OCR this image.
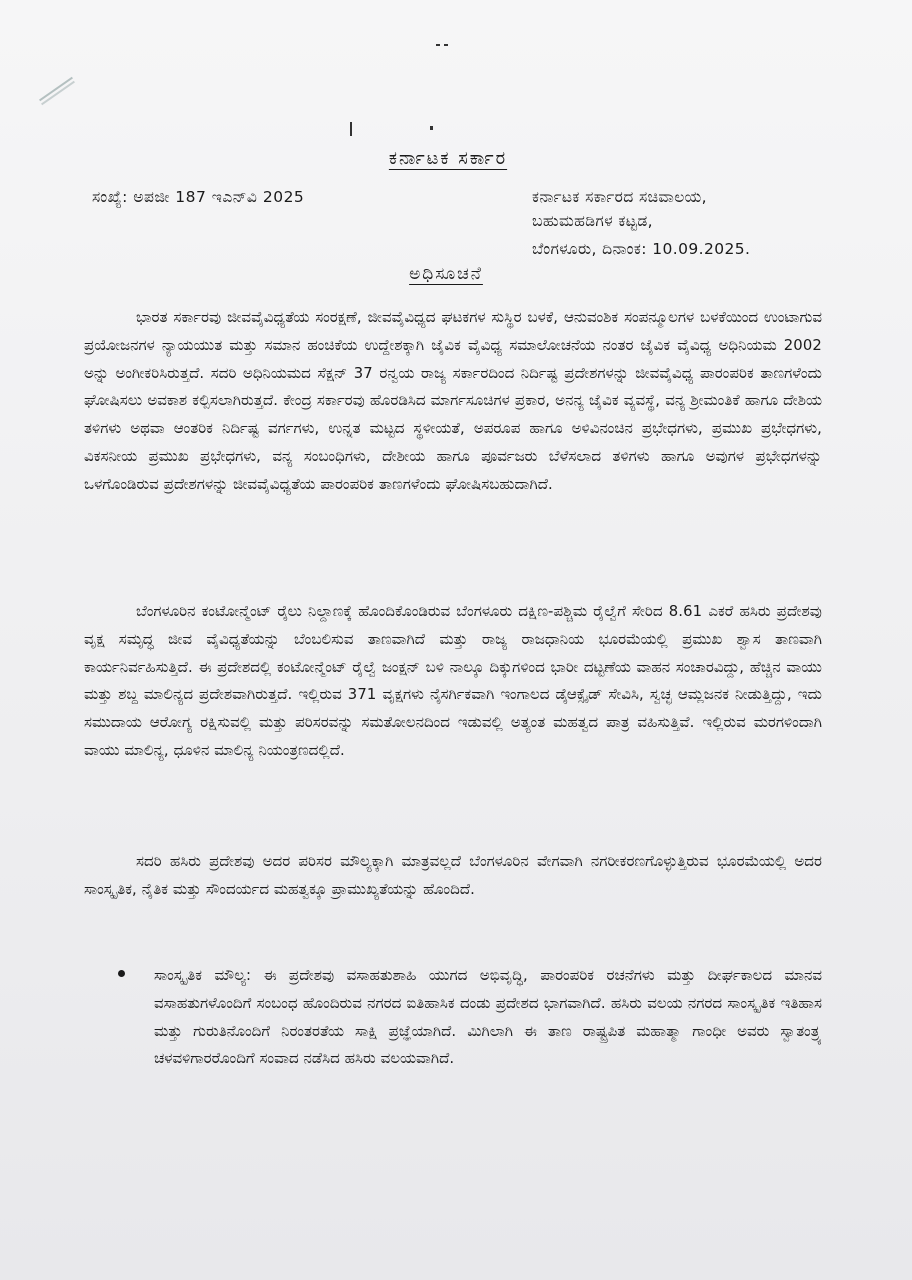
ಕರ್ನಾಟಕ ಸರ್ಕಾರ
ಸಂಖ್ಯೆ: ಅಪಜೀ 187 ಇಎನ್‌ವಿ 2025	ಕರ್ನಾಟಕ ಸರ್ಕಾರದ ಸಚಿವಾಲಯ,
ಬಹುಮಹಡಿಗಳ ಕಟ್ಟಡ,
ಬೆಂಗಳೂರು, ದಿನಾಂಕ: 10.09.2025.
ಅಧಿಸೂಚನೆ
ಭಾರತ ಸರ್ಕಾರವು ಜೀವವೈವಿಧ್ಯತೆಯ ಸಂರಕ್ಷಣೆ, ಜೀವವೈವಿಧ್ಯದ ಘಟಕಗಳ ಸುಸ್ಥಿರ ಬಳಕೆ, ಆನುವಂಶಿಕ ಸಂಪನ್ಮೂಲಗಳ ಬಳಕೆಯಿಂದ ಉಂಟಾಗುವ ಪ್ರಯೋಜನಗಳ ನ್ಯಾಯಯುತ ಮತ್ತು ಸಮಾನ ಹಂಚಿಕೆಯ ಉದ್ದೇಶಕ್ಕಾಗಿ ಜೈವಿಕ ವೈವಿಧ್ಯ ಸಮಾಲೋಚನೆಯ ನಂತರ ಜೈವಿಕ ವೈವಿಧ್ಯ ಅಧಿನಿಯಮ 2002 ಅನ್ನು ಅಂಗೀಕರಿಸಿರುತ್ತದೆ. ಸದರಿ ಅಧಿನಿಯಮದ ಸೆಕ್ಷನ್ 37 ರನ್ವಯ ರಾಜ್ಯ ಸರ್ಕಾರದಿಂದ ನಿರ್ದಿಷ್ಟ ಪ್ರದೇಶಗಳನ್ನು ಜೀವವೈವಿಧ್ಯ ಪಾರಂಪರಿಕ ತಾಣಗಳೆಂದು ಘೋಷಿಸಲು ಅವಕಾಶ ಕಲ್ಪಿಸಲಾಗಿರುತ್ತದೆ. ಕೇಂದ್ರ ಸರ್ಕಾರವು ಹೊರಡಿಸಿದ ಮಾರ್ಗಸೂಚಿಗಳ ಪ್ರಕಾರ, ಅನನ್ಯ ಜೈವಿಕ ವ್ಯವಸ್ಥೆ, ವನ್ಯ ಶ್ರೀಮಂತಿಕೆ ಹಾಗೂ ದೇಶಿಯ ತಳಿಗಳು ಅಥವಾ ಆಂತರಿಕ ನಿರ್ದಿಷ್ಟ ವರ್ಗಗಳು, ಉನ್ನತ ಮಟ್ಟದ ಸ್ಥಳೀಯತೆ, ಅಪರೂಪ ಹಾಗೂ ಅಳಿವಿನಂಚಿನ ಪ್ರಭೇಧಗಳು, ಪ್ರಮುಖ ಪ್ರಭೇಧಗಳು, ವಿಕಸನೀಯ ಪ್ರಮುಖ ಪ್ರಭೇಧಗಳು, ವನ್ಯ ಸಂಬಂಧಿಗಳು, ದೇಶೀಯ ಹಾಗೂ ಪೂರ್ವಜರು ಬೆಳೆಸಲಾದ ತಳಿಗಳು ಹಾಗೂ ಅವುಗಳ ಪ್ರಭೇಧಗಳನ್ನು ಒಳಗೊಂಡಿರುವ ಪ್ರದೇಶಗಳನ್ನು ಜೀವವೈವಿಧ್ಯತೆಯ ಪಾರಂಪರಿಕ ತಾಣಗಳೆಂದು ಘೋಷಿಸಬಹುದಾಗಿದೆ.
ಬೆಂಗಳೂರಿನ ಕಂಟೋನ್ಮೆಂಟ್ ರೈಲು ನಿಲ್ದಾಣಕ್ಕೆ ಹೊಂದಿಕೊಂಡಿರುವ ಬೆಂಗಳೂರು ದಕ್ಷಿಣ-ಪಶ್ಚಿಮ ರೈಲ್ವೆಗೆ ಸೇರಿದ 8.61 ಎಕರೆ ಹಸಿರು ಪ್ರದೇಶವು ವೃಕ್ಷ ಸಮೃದ್ಧ ಜೀವ ವೈವಿಧ್ಯತೆಯನ್ನು ಬೆಂಬಲಿಸುವ ತಾಣವಾಗಿದೆ ಮತ್ತು ರಾಜ್ಯ ರಾಜಧಾನಿಯ ಭೂರಮೆಯಲ್ಲಿ ಪ್ರಮುಖ ಶ್ವಾಸ ತಾಣವಾಗಿ ಕಾರ್ಯನಿರ್ವಹಿಸುತ್ತಿದೆ. ಈ ಪ್ರದೇಶದಲ್ಲಿ ಕಂಟೋನ್ಮೆಂಟ್ ರೈಲ್ವೆ ಜಂಕ್ಷನ್ ಬಳಿ ನಾಲ್ಕೂ ದಿಕ್ಕುಗಳಿಂದ ಭಾರೀ ದಟ್ಟಣೆಯ ವಾಹನ ಸಂಚಾರವಿದ್ದು, ಹೆಚ್ಚಿನ ವಾಯು ಮತ್ತು ಶಬ್ದ ಮಾಲಿನ್ಯದ ಪ್ರದೇಶವಾಗಿರುತ್ತದೆ. ಇಲ್ಲಿರುವ 371 ವೃಕ್ಷಗಳು ನೈಸರ್ಗಿಕವಾಗಿ ಇಂಗಾಲದ ಡೈಆಕ್ಸೈಡ್ ಸೇವಿಸಿ, ಸ್ವಚ್ಛ ಆಮ್ಲಜನಕ ನೀಡುತ್ತಿದ್ದು, ಇದು ಸಮುದಾಯ ಆರೋಗ್ಯ ರಕ್ಷಿಸುವಲ್ಲಿ ಮತ್ತು ಪರಿಸರವನ್ನು ಸಮತೋಲನದಿಂದ ಇಡುವಲ್ಲಿ ಅತ್ಯಂತ ಮಹತ್ವದ ಪಾತ್ರ ವಹಿಸುತ್ತಿವೆ. ಇಲ್ಲಿರುವ ಮರಗಳಿಂದಾಗಿ ವಾಯು ಮಾಲಿನ್ಯ, ಧೂಳಿನ ಮಾಲಿನ್ಯ ನಿಯಂತ್ರಣದಲ್ಲಿದೆ.
ಸದರಿ ಹಸಿರು ಪ್ರದೇಶವು ಅದರ ಪರಿಸರ ಮೌಲ್ಯಕ್ಕಾಗಿ ಮಾತ್ರವಲ್ಲದೆ ಬೆಂಗಳೂರಿನ ವೇಗವಾಗಿ ನಗರೀಕರಣಗೊಳ್ಳುತ್ತಿರುವ ಭೂರಮೆಯಲ್ಲಿ ಅದರ ಸಾಂಸ್ಕೃತಿಕ, ನೈತಿಕ ಮತ್ತು ಸೌಂದರ್ಯದ ಮಹತ್ವಕ್ಕೂ ಪ್ರಾಮುಖ್ಯತೆಯನ್ನು ಹೊಂದಿದೆ.
ಸಾಂಸ್ಕೃತಿಕ ಮೌಲ್ಯ: ಈ ಪ್ರದೇಶವು ವಸಾಹತುಶಾಹಿ ಯುಗದ ಅಭಿವೃದ್ಧಿ, ಪಾರಂಪರಿಕ ರಚನೆಗಳು ಮತ್ತು ದೀರ್ಘಕಾಲದ ಮಾನವ ವಸಾಹತುಗಳೊಂದಿಗೆ ಸಂಬಂಧ ಹೊಂದಿರುವ ನಗರದ ಐತಿಹಾಸಿಕ ದಂಡು ಪ್ರದೇಶದ ಭಾಗವಾಗಿದೆ. ಹಸಿರು ವಲಯ ನಗರದ ಸಾಂಸ್ಕೃತಿಕ ಇತಿಹಾಸ ಮತ್ತು ಗುರುತಿನೊಂದಿಗೆ ನಿರಂತರತೆಯ ಸಾಕ್ಷಿ ಪ್ರಜ್ಞೆಯಾಗಿದೆ. ಮಿಗಿಲಾಗಿ ಈ ತಾಣ ರಾಷ್ಟ್ರಪಿತ ಮಹಾತ್ಮಾ ಗಾಂಧೀ ಅವರು ಸ್ವಾತಂತ್ರ್ಯ ಚಳವಳಿಗಾರರೊಂದಿಗೆ ಸಂವಾದ ನಡೆಸಿದ ಹಸಿರು ವಲಯವಾಗಿದೆ.
